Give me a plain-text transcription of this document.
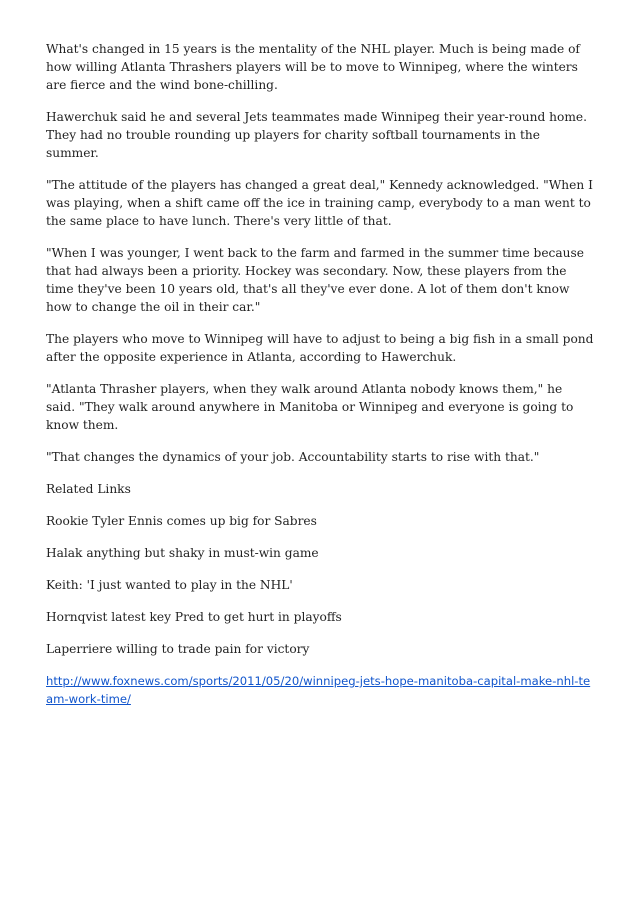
What's changed in 15 years is the mentality of the NHL player. Much is being made of how willing Atlanta Thrashers players will be to move to Winnipeg, where the winters are fierce and the wind bone-chilling.

Hawerchuk said he and several Jets teammates made Winnipeg their year-round home. They had no trouble rounding up players for charity softball tournaments in the summer.

"The attitude of the players has changed a great deal," Kennedy acknowledged. "When I was playing, when a shift came off the ice in training camp, everybody to a man went to the same place to have lunch. There's very little of that.

"When I was younger, I went back to the farm and farmed in the summer time because that had always been a priority. Hockey was secondary. Now, these players from the time they've been 10 years old, that's all they've ever done. A lot of them don't know how to change the oil in their car."

The players who move to Winnipeg will have to adjust to being a big fish in a small pond after the opposite experience in Atlanta, according to Hawerchuk.

"Atlanta Thrasher players, when they walk around Atlanta nobody knows them," he said. "They walk around anywhere in Manitoba or Winnipeg and everyone is going to know them.

"That changes the dynamics of your job. Accountability starts to rise with that."

Related Links

Rookie Tyler Ennis comes up big for Sabres

Halak anything but shaky in must-win game

Keith: 'I just wanted to play in the NHL'

Hornqvist latest key Pred to get hurt in playoffs

Laperriere willing to trade pain for victory

http://www.foxnews.com/sports/2011/05/20/winnipeg-jets-hope-manitoba-capital-make-nhl-team-work-time/
